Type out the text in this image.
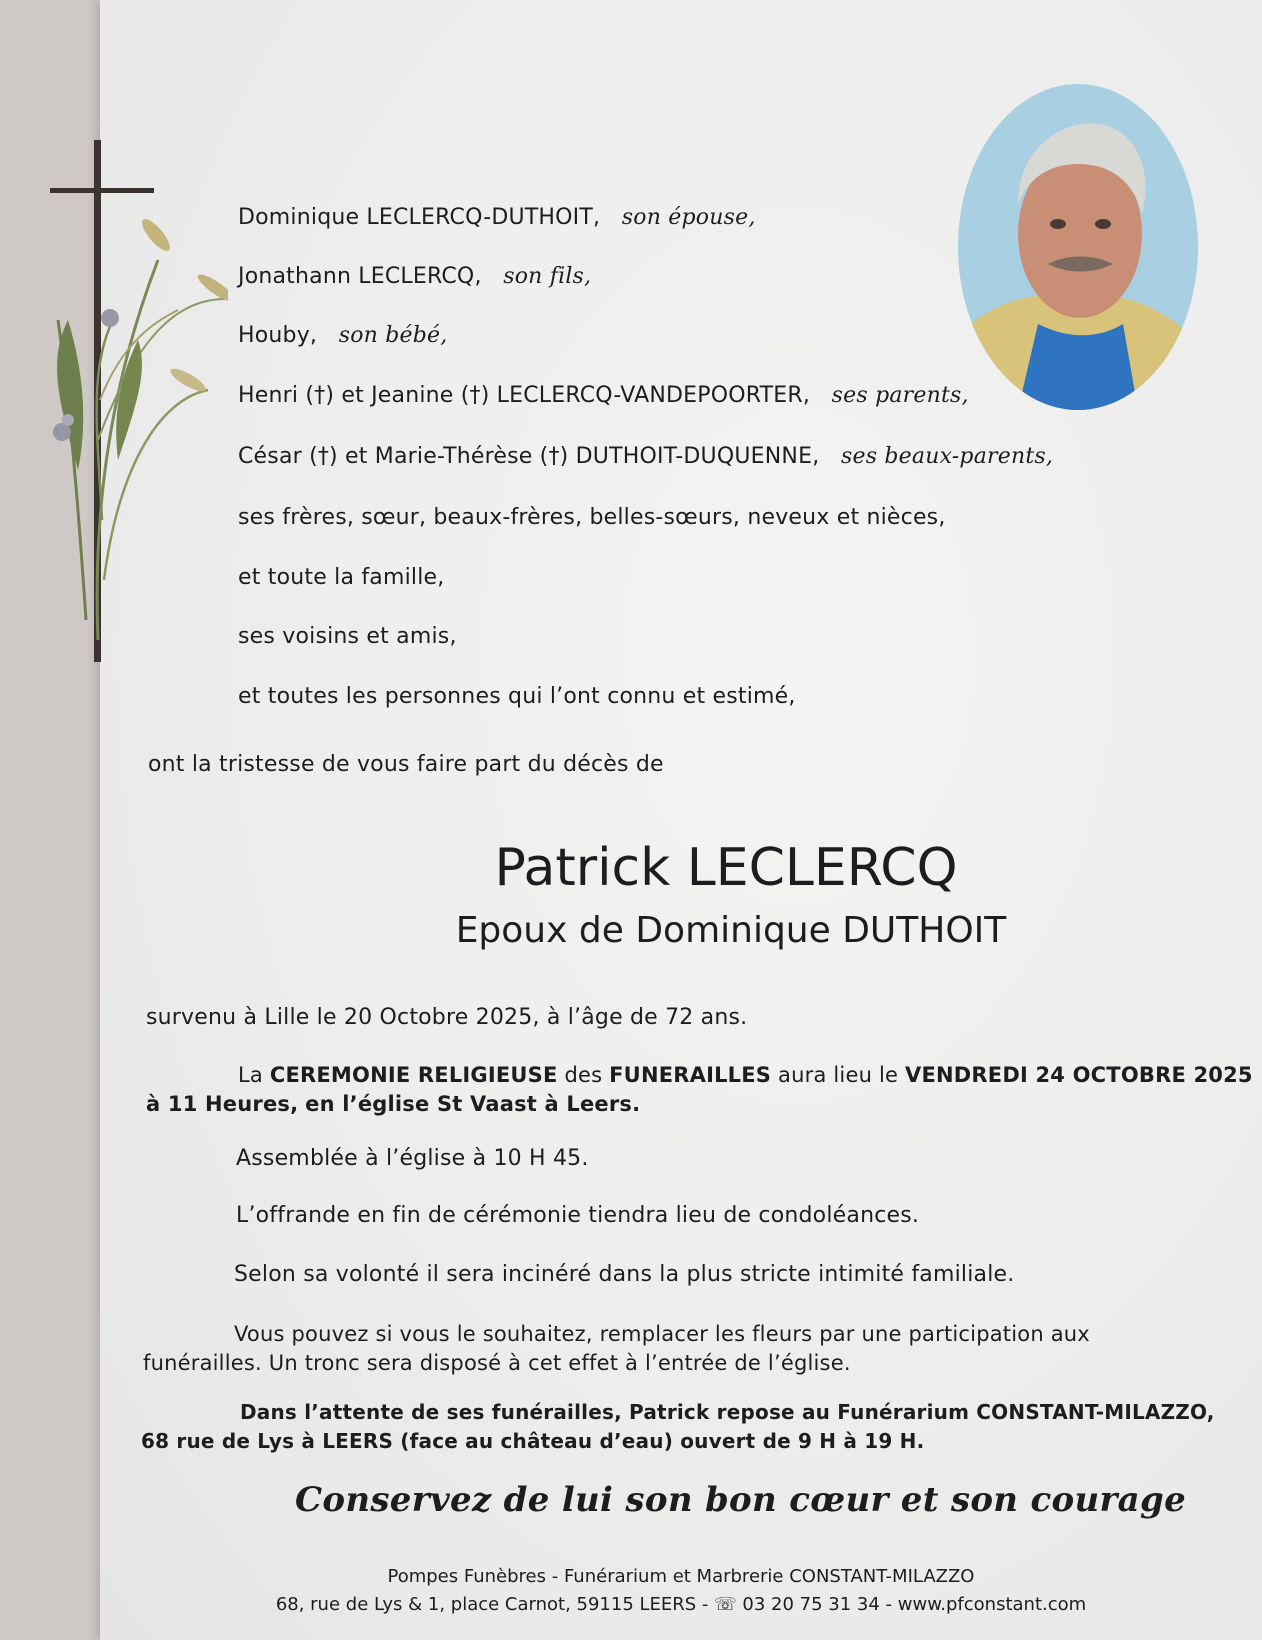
Dominique LECLERCQ-DUTHOIT, son épouse,
Jonathann LECLERCQ, son fils,
Houby, son bébé,
Henri (†) et Jeanine (†) LECLERCQ-VANDEPOORTER, ses parents,
César (†) et Marie-Thérèse (†) DUTHOIT-DUQUENNE, ses beaux-parents,
ses frères, sœur, beaux-frères, belles-sœurs, neveux et nièces,
et toute la famille,
ses voisins et amis,
et toutes les personnes qui l’ont connu et estimé,
ont la tristesse de vous faire part du décès de
Patrick LECLERCQ
Epoux de Dominique DUTHOIT
survenu à Lille le 20 Octobre 2025, à l’âge de 72 ans.
La CEREMONIE RELIGIEUSE des FUNERAILLES aura lieu le VENDREDI 24 OCTOBRE 2025
à 11 Heures, en l’église St Vaast à Leers.
Assemblée à l’église à 10 H 45.
L’offrande en fin de cérémonie tiendra lieu de condoléances.
Selon sa volonté il sera incinéré dans la plus stricte intimité familiale.
Vous pouvez si vous le souhaitez, remplacer les fleurs par une participation aux
funérailles. Un tronc sera disposé à cet effet à l’entrée de l’église.
Dans l’attente de ses funérailles, Patrick repose au Funérarium CONSTANT-MILAZZO,
68 rue de Lys à LEERS (face au château d’eau) ouvert de 9 H à 19 H.
Conservez de lui son bon cœur et son courage
Pompes Funèbres - Funérarium et Marbrerie CONSTANT-MILAZZO
68, rue de Lys & 1, place Carnot, 59115 LEERS - ☏ 03 20 75 31 34 - www.pfconstant.com
